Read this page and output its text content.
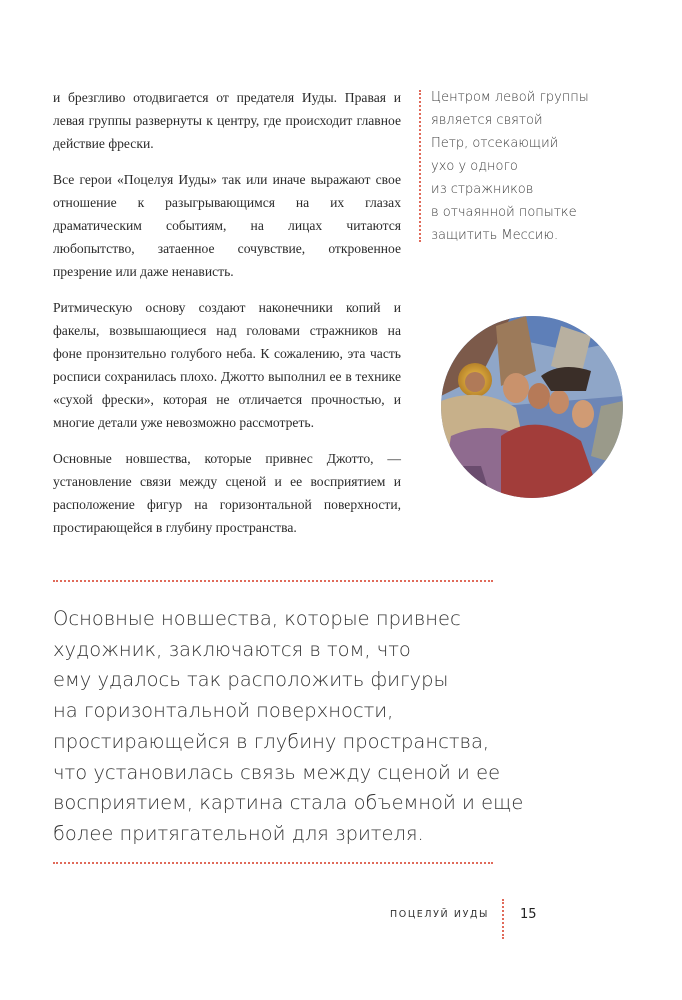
и брезгливо отодвигается от предателя Иуды. Правая и левая группы развернуты к центру, где происходит главное действие фрески.

Все герои «Поцелуя Иуды» так или иначе выражают свое отношение к разыгрывающимся на их глазах драматическим событиям, на лицах читаются любопытство, затаенное сочувствие, откровенное презрение или даже ненависть.

Ритмическую основу создают наконечники копий и факелы, возвышающиеся над головами стражников на фоне пронзительно голубого неба. К сожалению, эта часть росписи сохранилась плохо. Джотто выполнил ее в технике «сухой фрески», которая не отличается прочностью, и многие детали уже невозможно рассмотреть.

Основные новшества, которые привнес Джотто, — установление связи между сценой и ее восприятием и расположение фигур на горизонтальной поверхности, простирающейся в глубину пространства.

Центром левой группы
является святой
Петр, отсекающий
ухо у одного
из стражников
в отчаянной попытке
защитить Мессию.
Основные новшества, которые привнес
художник, заключаются в том, что
ему удалось так расположить фигуры
на горизонтальной поверхности,
простирающейся в глубину пространства,
что установилась связь между сценой и ее
восприятием, картина стала объемной и еще
более притягательной для зрителя.
ПОЦЕЛУЙ ИУДЫ 15
